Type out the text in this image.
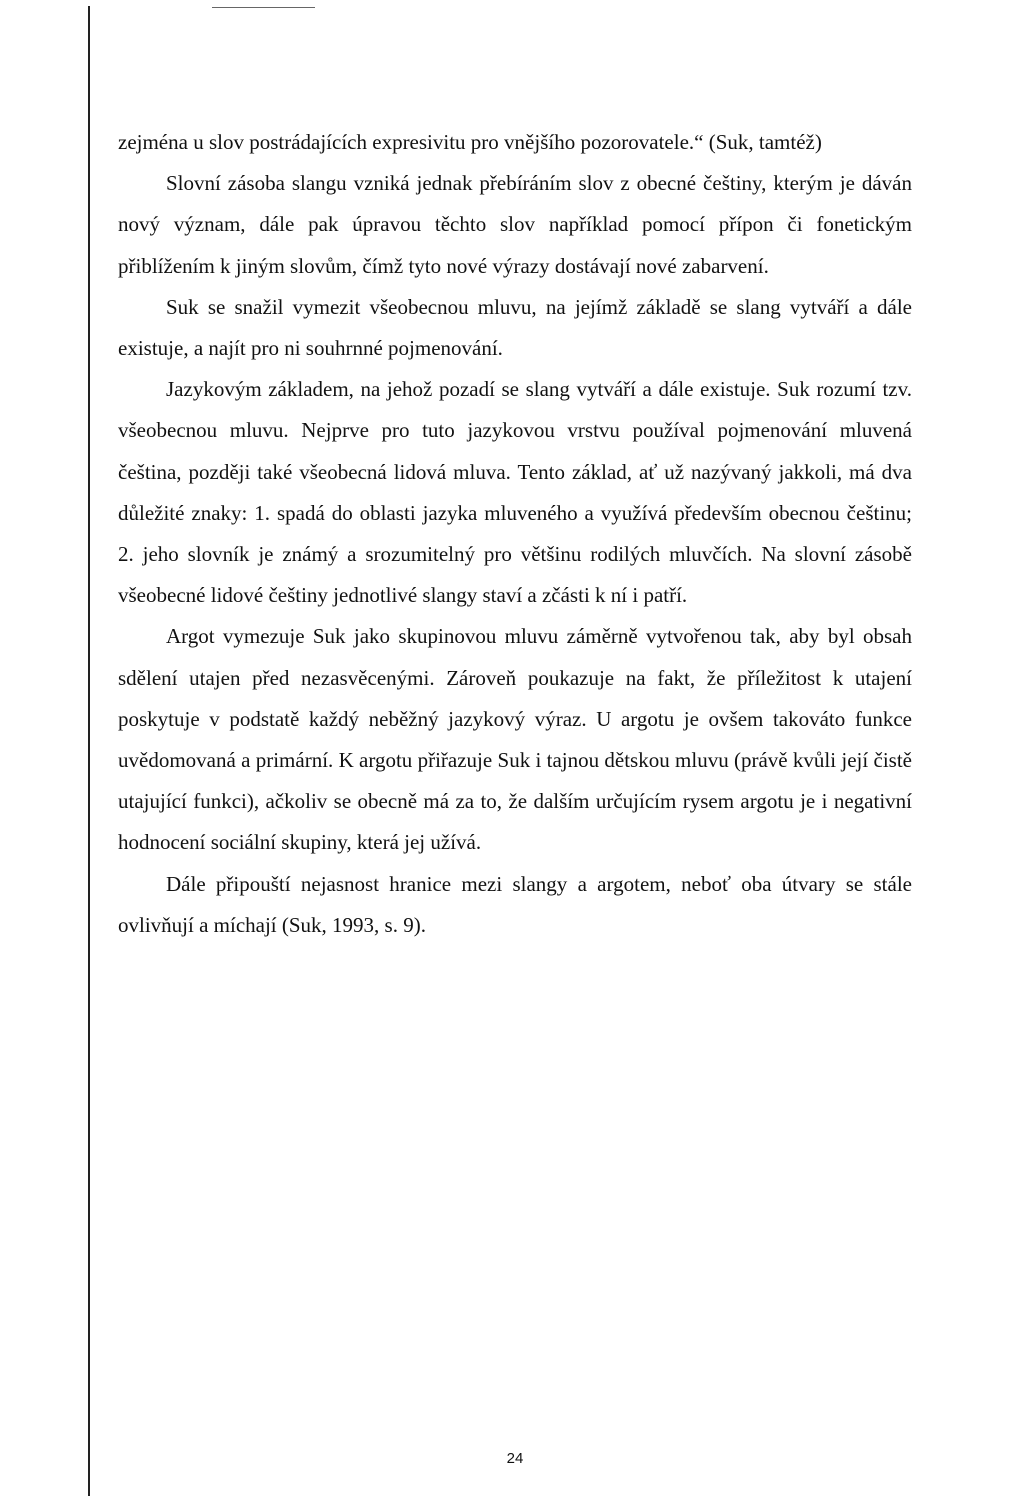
zejména u slov postrádajících expresivitu pro vnějšího pozorovatele.“ (Suk, tamtéž)

Slovní zásoba slangu vzniká jednak přebíráním slov z obecné češtiny, kterým je dáván nový význam, dále pak úpravou těchto slov například pomocí přípon či fonetickým přiblížením k jiným slovům, čímž tyto nové výrazy dostávají nové zabarvení.

Suk se snažil vymezit všeobecnou mluvu, na jejímž základě se slang vytváří a dále existuje, a najít pro ni souhrnné pojmenování.

Jazykovým základem, na jehož pozadí se slang vytváří a dále existuje. Suk rozumí tzv. všeobecnou mluvu. Nejprve pro tuto jazykovou vrstvu používal pojmenování mluvená čeština, později také všeobecná lidová mluva. Tento základ, ať už nazývaný jakkoli, má dva důležité znaky: 1. spadá do oblasti jazyka mluveného a využívá především obecnou češtinu; 2. jeho slovník je známý a srozumitelný pro většinu rodilých mluvčích. Na slovní zásobě všeobecné lidové češtiny jednotlivé slangy staví a zčásti k ní i patří.

Argot vymezuje Suk jako skupinovou mluvu záměrně vytvořenou tak, aby byl obsah sdělení utajen před nezasvěcenými. Zároveň poukazuje na fakt, že příležitost k utajení poskytuje v podstatě každý neběžný jazykový výraz. U argotu je ovšem takováto funkce uvědomovaná a primární. K argotu přiřazuje Suk i tajnou dětskou mluvu (právě kvůli její čistě utajující funkci), ačkoliv se obecně má za to, že dalším určujícím rysem argotu je i negativní hodnocení sociální skupiny, která jej užívá.

Dále připouští nejasnost hranice mezi slangy a argotem, neboť oba útvary se stále ovlivňují a míchají (Suk, 1993, s. 9).

24
